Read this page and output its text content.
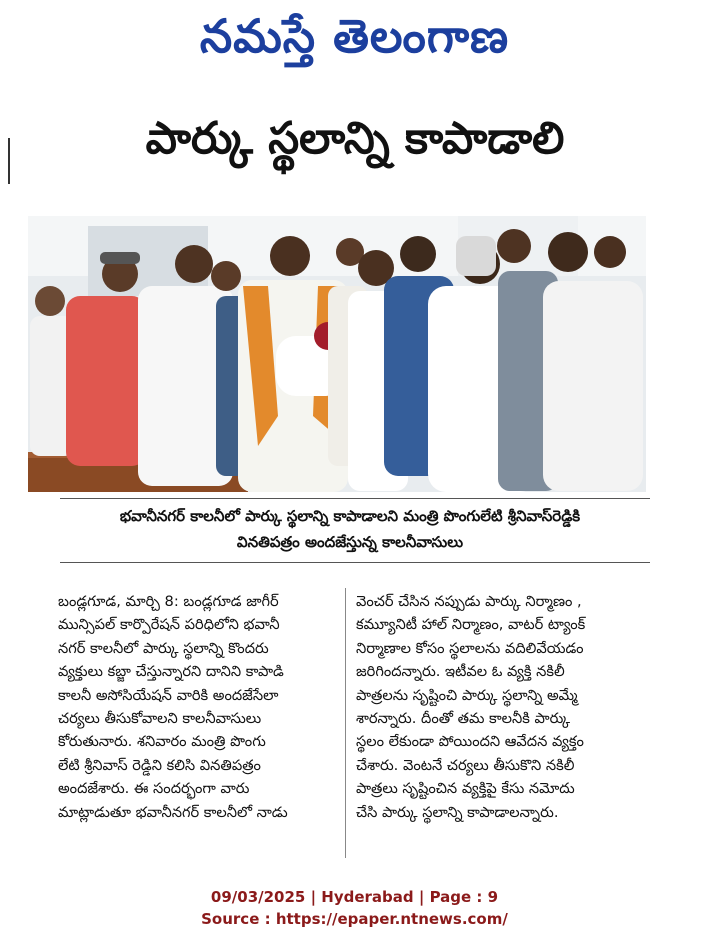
నమస్తే తెలంగాణ
పార్కు స్థలాన్ని కాపాడాలి
భవానీనగర్ కాలనీలో పార్కు స్థలాన్ని కాపాడాలని మంత్రి పొంగులేటి శ్రీనివాస్‌రెడ్డికి
వినతిపత్రం అందజేస్తున్న కాలనీవాసులు
బండ్లగూడ, మార్చి 8: బండ్లగూడ జాగీర్
మున్సిపల్ కార్పొరేషన్ పరిధిలోని భవానీ
నగర్ కాలనీలో పార్కు స్థలాన్ని కొందరు
వ్యక్తులు కబ్జా చేస్తున్నారని దానిని కాపాడి
కాలనీ అసోసియేషన్ వారికి అందజేసేలా
చర్యలు తీసుకోవాలని కాలనీవాసులు
కోరుతునారు. శనివారం మంత్రి పొంగు
లేటి శ్రీనివాస్ రెడ్డిని కలిసి వినతిపత్రం
అందజేశారు. ఈ సందర్భంగా వారు
మాట్లాడుతూ భవానీనగర్ కాలనీలో నాడు
వెంచర్ చేసిన నప్పుడు పార్కు నిర్మాణం ,
కమ్యూనిటీ హాల్ నిర్మాణం, వాటర్ ట్యాంక్
నిర్మాణాల కోసం స్థలాలను వదిలివేయడం
జరిగిందన్నారు. ఇటీవల ఓ వ్యక్తి నకిలీ
పాత్రలను సృష్టించి పార్కు స్థలాన్ని అమ్మే
శారన్నారు. దీంతో తమ కాలనీకి పార్కు
స్థలం లేకుండా పోయిందని ఆవేదన వ్యక్తం
చేశారు. వెంటనే చర్యలు తీసుకొని నకిలీ
పాత్రలు సృష్టించిన వ్యక్తిపై కేసు నమోదు
చేసి పార్కు స్థలాన్ని కాపాడాలన్నారు.
09/03/2025 | Hyderabad | Page : 9
Source : https://epaper.ntnews.com/
